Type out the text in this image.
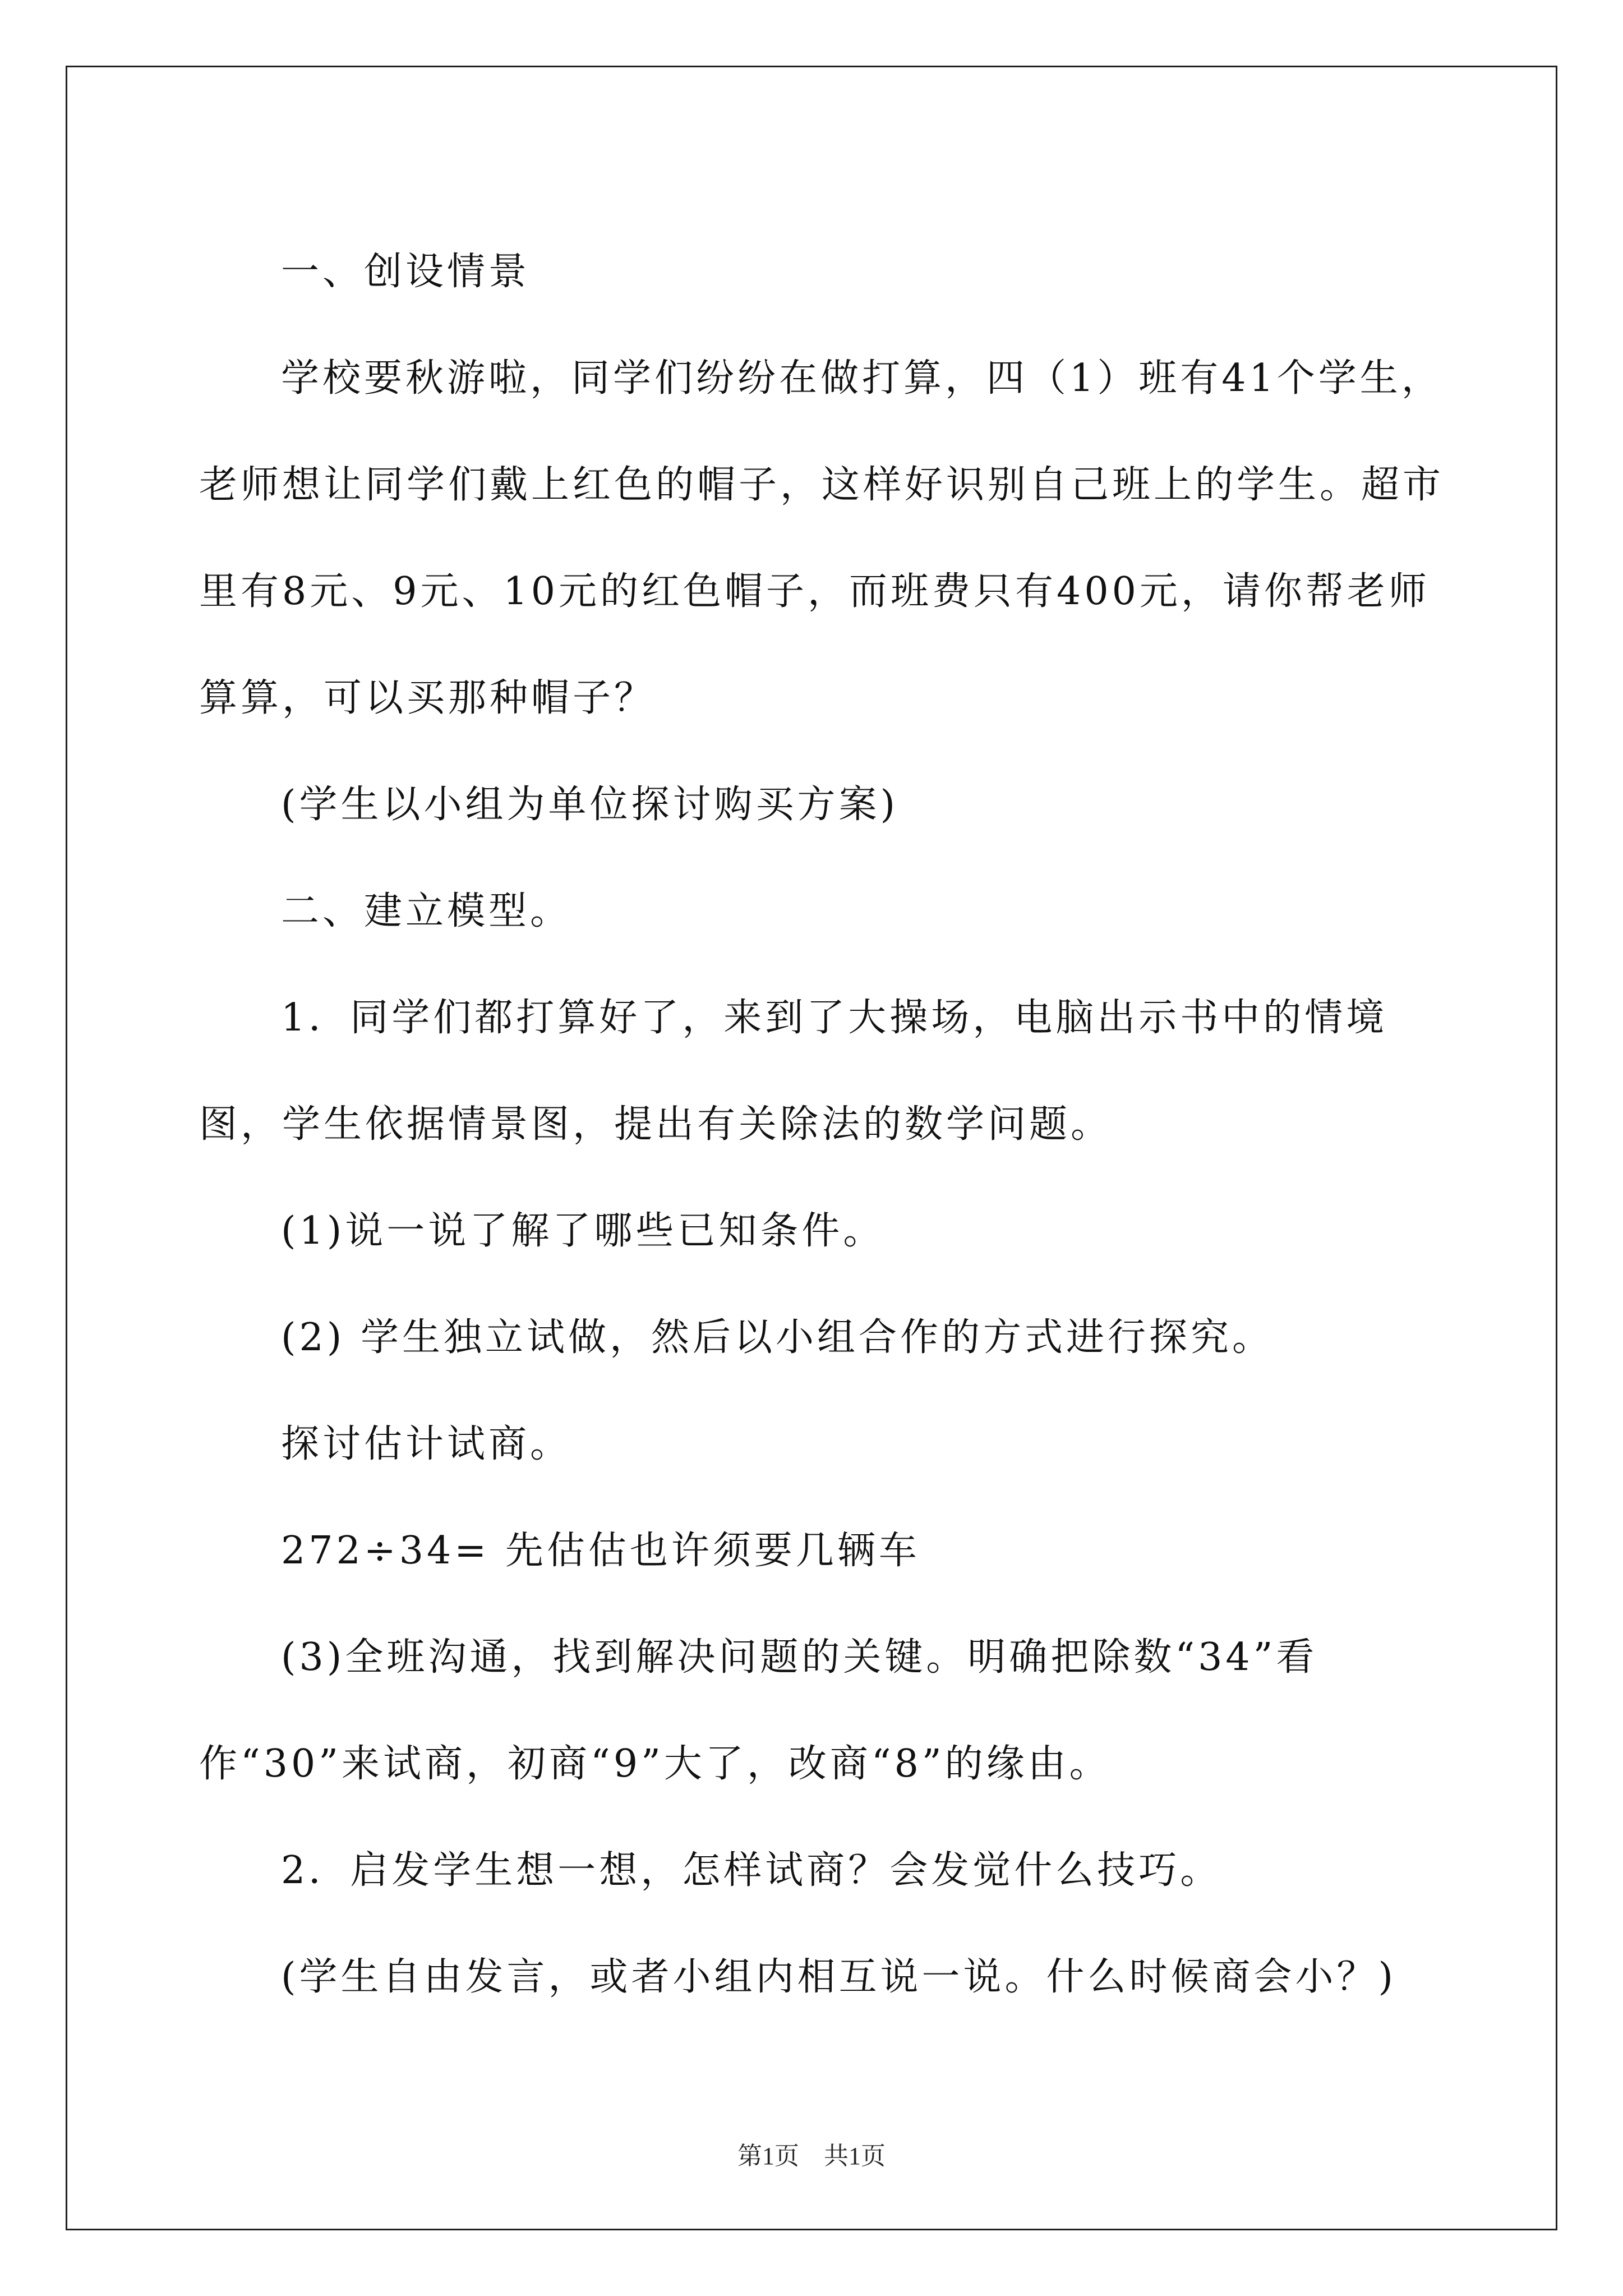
一、创设情景

学校要秋游啦，同学们纷纷在做打算，四（1）班有41个学生，老师想让同学们戴上红色的帽子，这样好识别自己班上的学生。超市里有8元、9元、10元的红色帽子，而班费只有400元，请你帮老师算算，可以买那种帽子？

(学生以小组为单位探讨购买方案)

二、建立模型。

1．同学们都打算好了，来到了大操场，电脑出示书中的情境图，学生依据情景图，提出有关除法的数学问题。

(1)说一说了解了哪些已知条件。

(2) 学生独立试做，然后以小组合作的方式进行探究。

探讨估计试商。

272÷34= 先估估也许须要几辆车

(3)全班沟通，找到解决问题的关键。明确把除数“34”看作“30”来试商，初商“9”大了，改商“8”的缘由。

2．启发学生想一想，怎样试商？会发觉什么技巧。

(学生自由发言，或者小组内相互说一说。什么时候商会小？)

第1页　共1页
